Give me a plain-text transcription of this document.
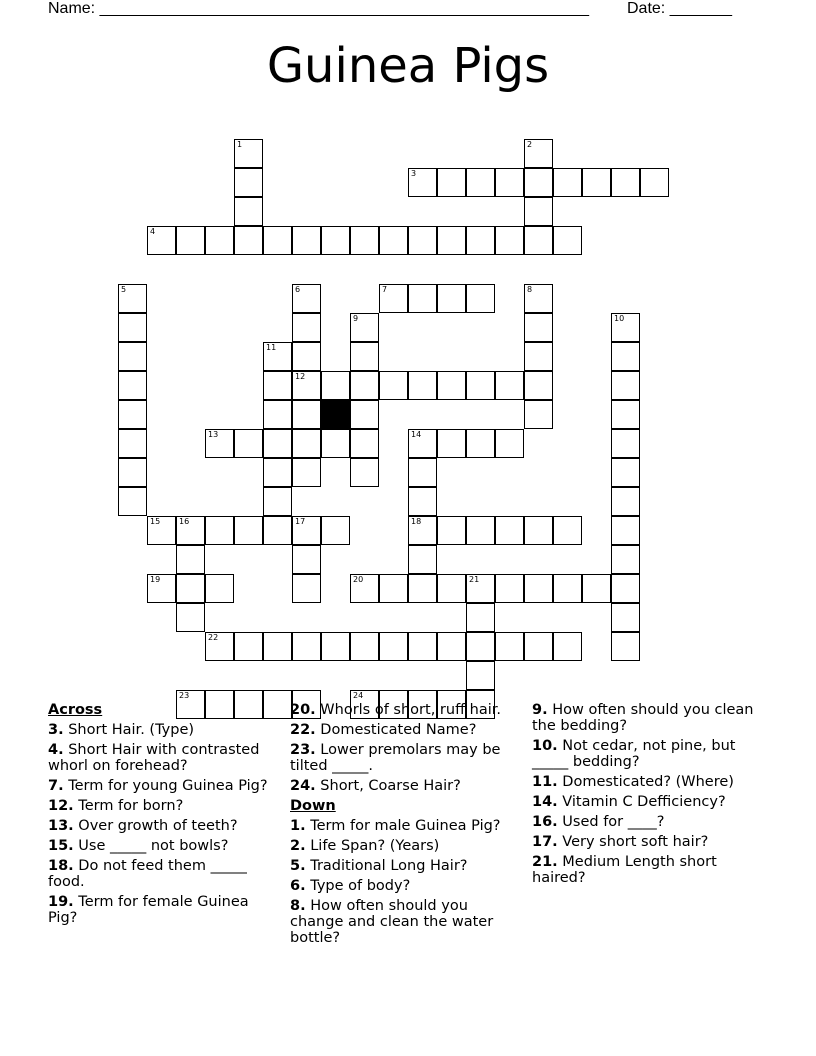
Name: _______________________________________________________ Date: _______
Guinea Pigs
1	2
3
4
5	6	7	8
9	10
11
12
13	14
15 16	17	18
19	20	21
22
23	24
Across
3. Short Hair. (Type)
4. Short Hair with contrasted whorl on forehead?
7. Term for young Guinea Pig?
12. Term for born?
13. Over growth of teeth?
15. Use _____ not bowls?
18. Do not feed them _____ food.
19. Term for female Guinea Pig?
20. Whorls of short, ruff hair.
22. Domesticated Name?
23. Lower premolars may be tilted _____.
24. Short, Coarse Hair?
Down
1. Term for male Guinea Pig?
2. Life Span? (Years)
5. Traditional Long Hair?
6. Type of body?
8. How often should you change and clean the water bottle?
9. How often should you clean the bedding?
10. Not cedar, not pine, but _____ bedding?
11. Domesticated? (Where)
14. Vitamin C Defficiency?
16. Used for ____?
17. Very short soft hair?
21. Medium Length short haired?
